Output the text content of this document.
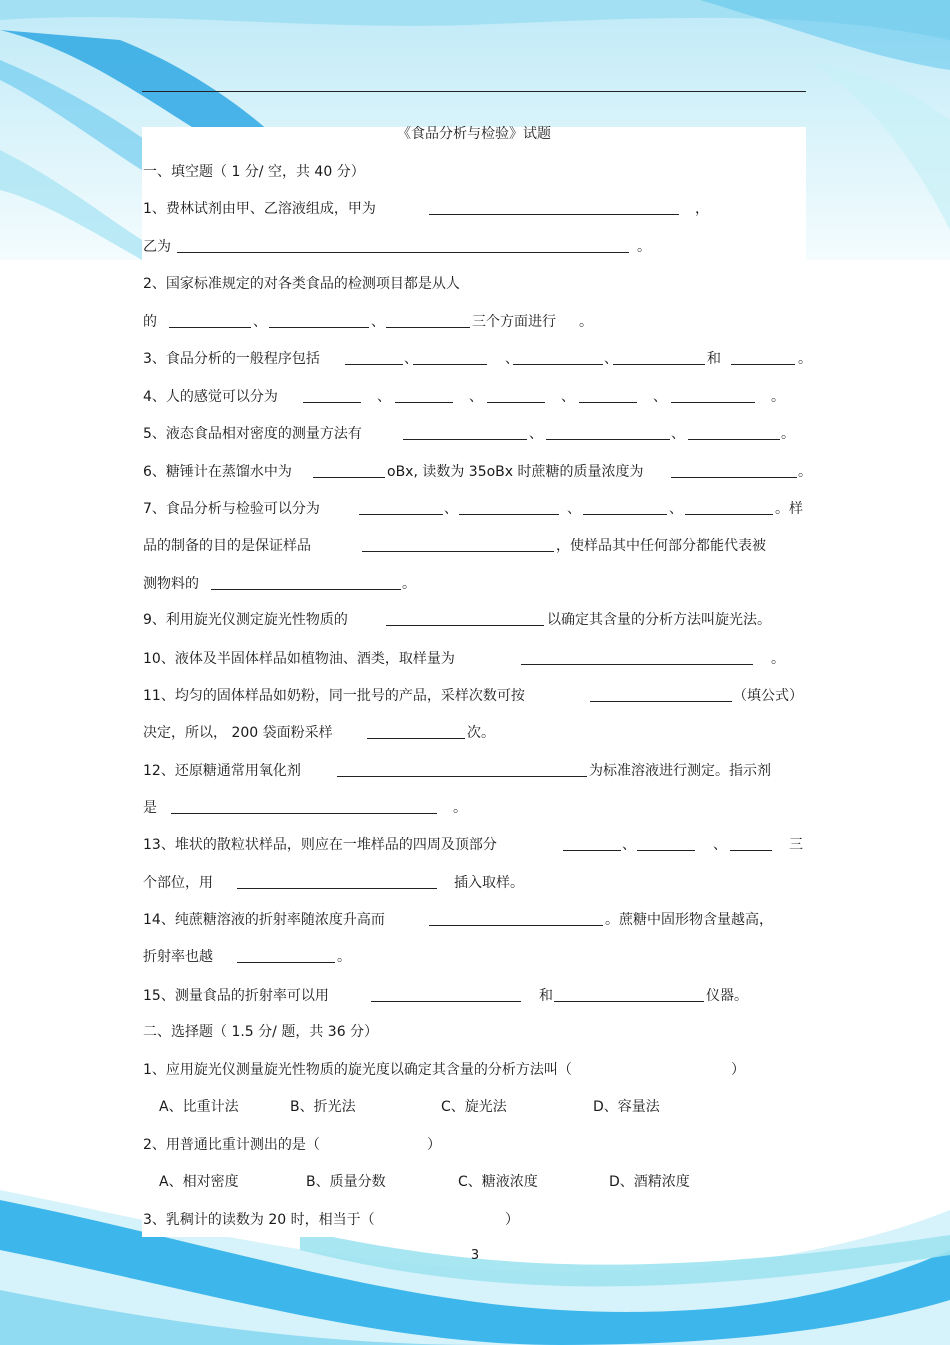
《食品分析与检验》试题
一、填空题（ 1 分/ 空，共 40 分）
1、费林试剂由甲、乙溶液组成，甲为	，
乙为	。
2、国家标准规定的对各类食品的检测项目都是从人
的	、	、	三个方面进行 。
3、食品分析的一般程序包括	、	、	、	和	。
4、人的感觉可以分为	、	、	、	、	。
5、液态食品相对密度的测量方法有	、	、	。
6、糖锤计在蒸馏水中为	oBx, 读数为 35oBx 时蔗糖的质量浓度为	。
7、食品分析与检验可以分为	、	、	、	。样
品的制备的目的是保证样品	，使样品其中任何部分都能代表被
测物料的	。
9、利用旋光仪测定旋光性物质的	以确定其含量的分析方法叫旋光法。
10、液体及半固体样品如植物油、酒类，取样量为	。
11、均匀的固体样品如奶粉，同一批号的产品，采样次数可按	（填公式）
决定，所以， 200 袋面粉采样	次。
12、还原糖通常用氧化剂	为标准溶液进行测定。指示剂
是	。
13、堆状的散粒状样品，则应在一堆样品的四周及顶部分	、	、	三
个部位，用	插入取样。
14、纯蔗糖溶液的折射率随浓度升高而	。蔗糖中固形物含量越高，
折射率也越	。
15、测量食品的折射率可以用	和	仪器。
二、选择题（ 1.5 分/ 题，共 36 分）
1、应用旋光仪测量旋光性物质的旋光度以确定其含量的分析方法叫（	）
A、比重计法	B、折光法	C、旋光法	D、容量法
2、用普通比重计测出的是（	）
A、相对密度	B、质量分数	C、糖液浓度	D、酒精浓度
3、乳稠计的读数为 20 时，相当于（	）
3
